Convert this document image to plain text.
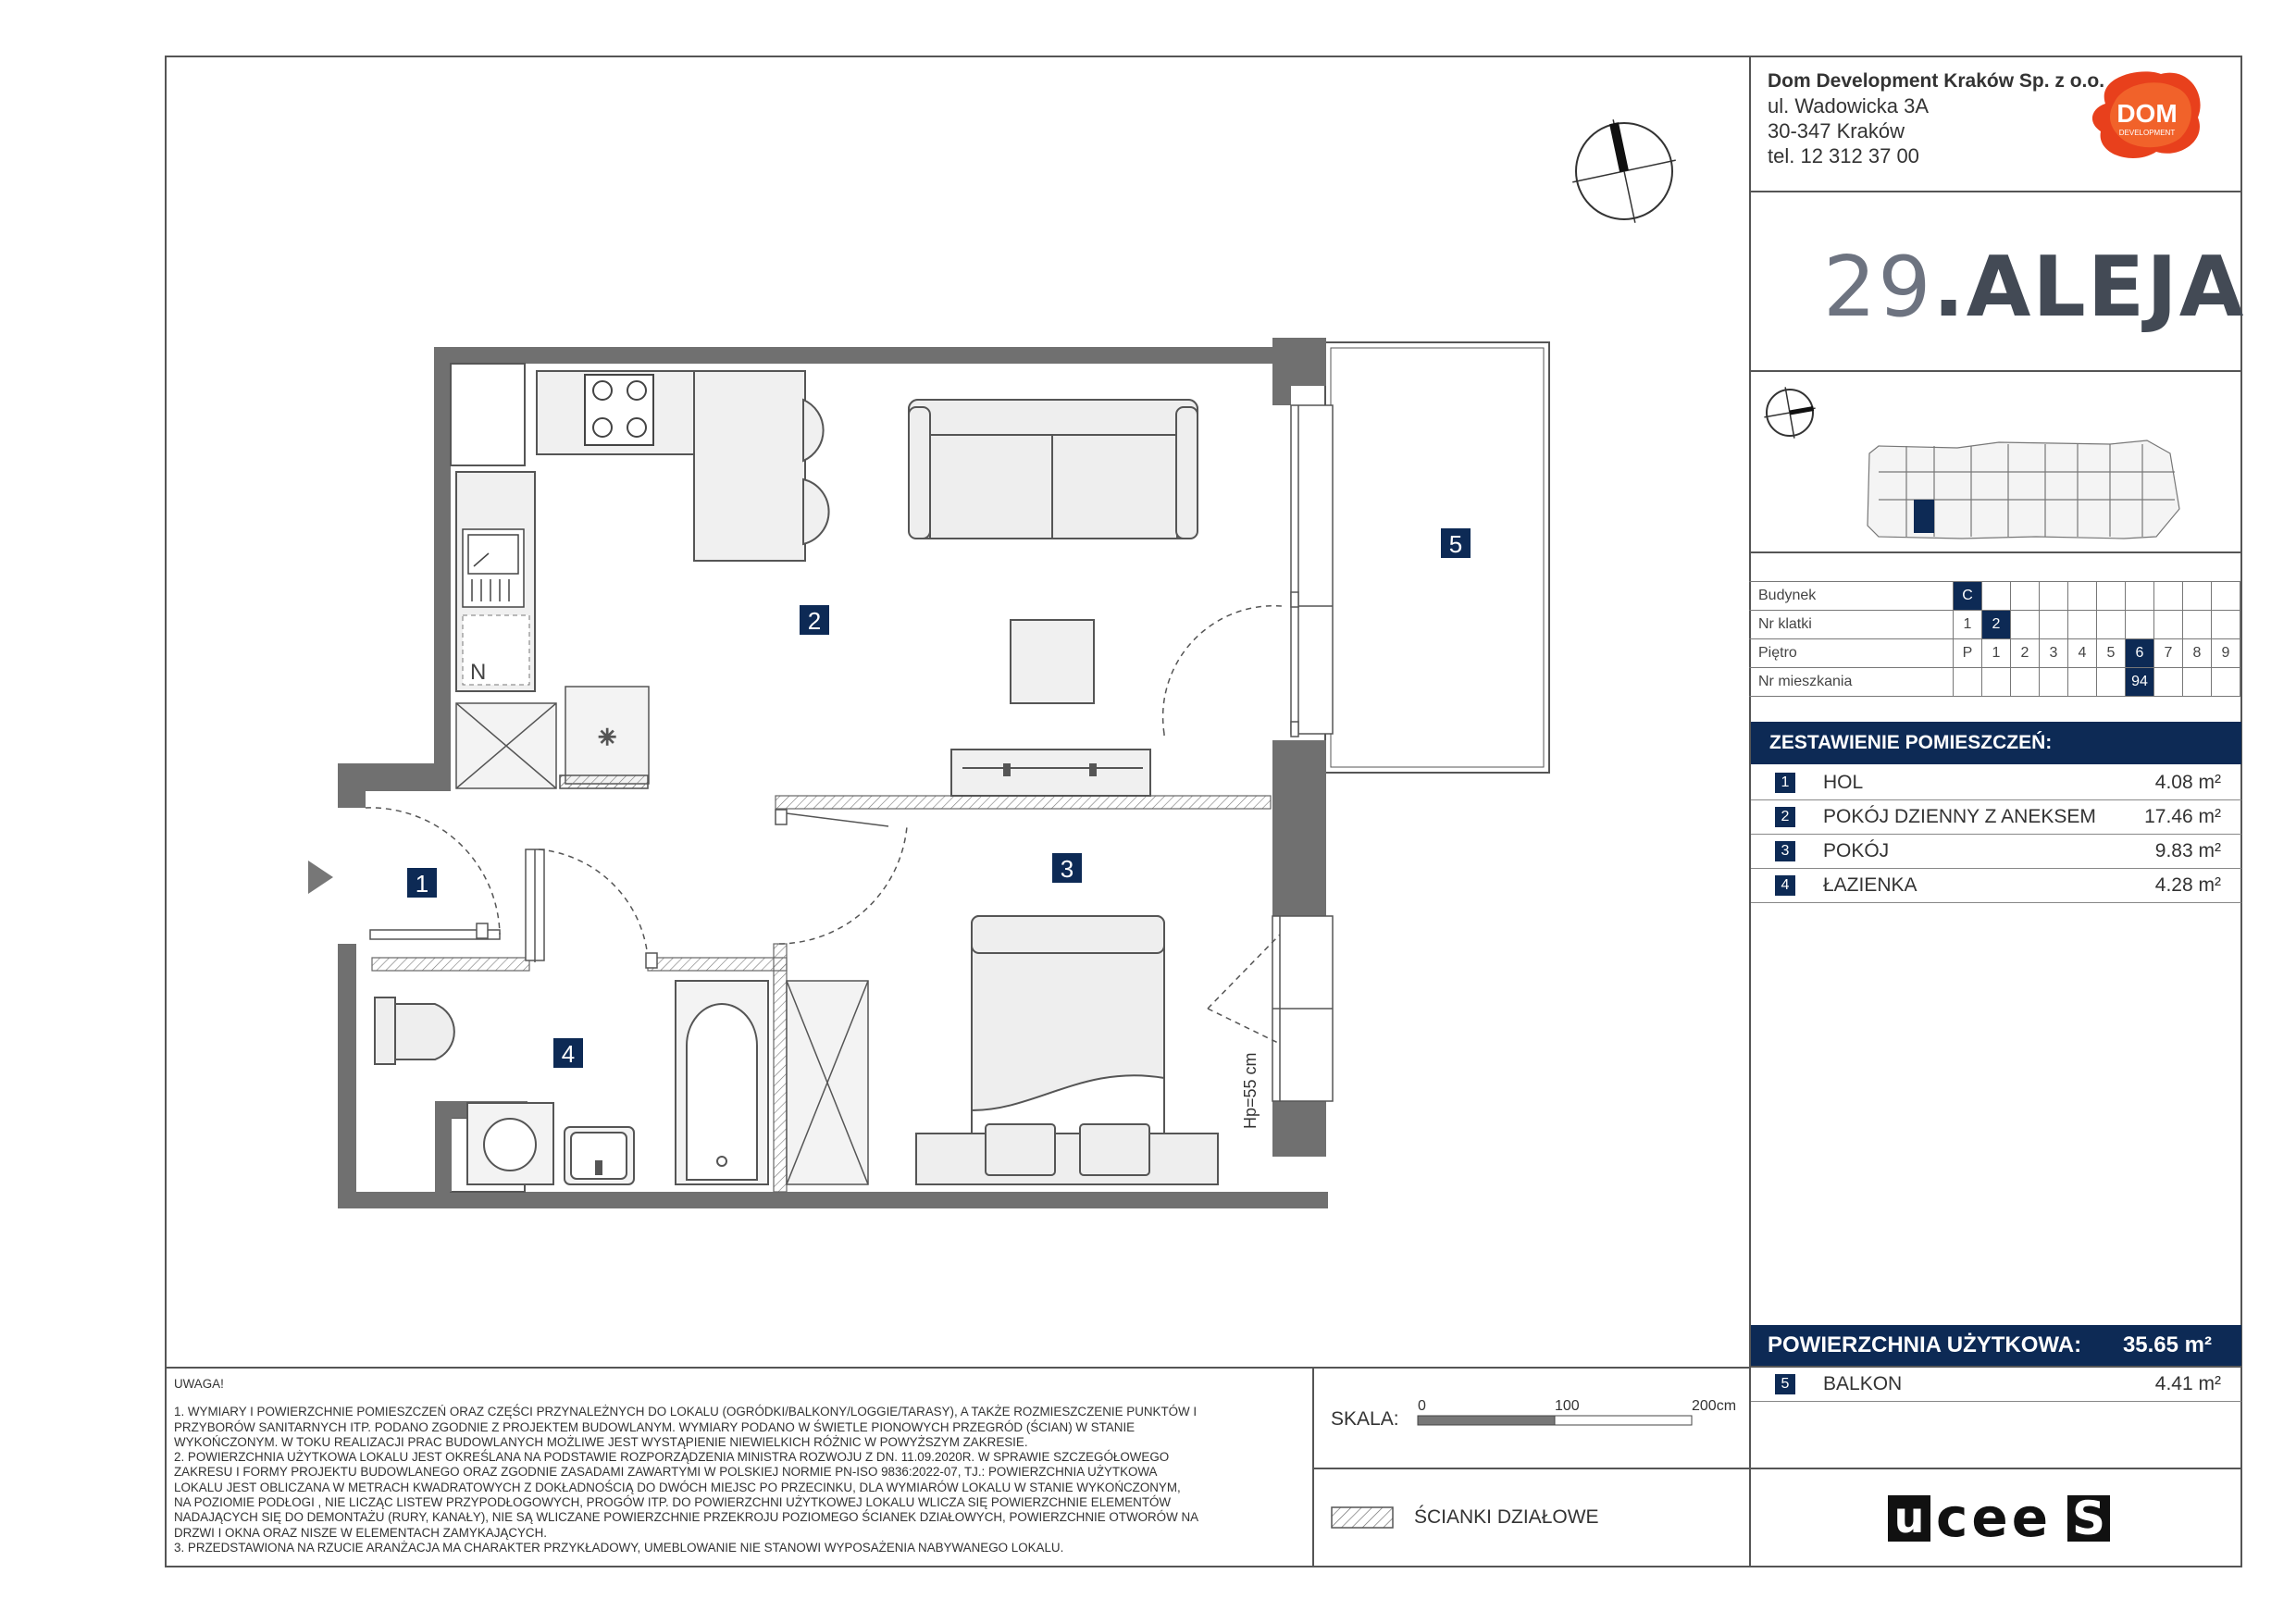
Dom Development Kraków Sp. z o.o.
ul. Wadowicka 3A
30-347 Kraków
tel. 12 312 37 00
DOM
DEVELOPMENT
29.ALEJA
Budynek	C									
Nr klatki	1	2								
Piętro	P	1	2	3	4	5	6	7	8	9
Nr mieszkania							94			
ZESTAWIENIE POMIESZCZEŃ:
1	HOL	4.08 m²
2	POKÓJ DZIENNY Z ANEKSEM 17.46 m²
3	POKÓJ	9.83 m²
4	ŁAZIENKA	4.28 m²
POWIERZCHNIA UŻYTKOWA: 35.65 m²
5	BALKON	4.41 m²
UWAGA!
1. WYMIARY I POWIERZCHNIE POMIESZCZEŃ ORAZ CZĘŚCI PRZYNALEŻNYCH DO LOKALU (OGRÓDKI/BALKONY/LOGGIE/TARASY), A TAKŻE ROZMIESZCZENIE PUNKTÓW I
PRZYBORÓW SANITARNYCH ITP. PODANO ZGODNIE Z PROJEKTEM BUDOWLANYM. WYMIARY PODANO W ŚWIETLE PIONOWYCH PRZEGRÓD (ŚCIAN) W STANIE
WYKOŃCZONYM. W TOKU REALIZACJI PRAC BUDOWLANYCH MOŻLIWE JEST WYSTĄPIENIE NIEWIELKICH RÓŻNIC W POWYŻSZYM ZAKRESIE.
2. POWIERZCHNIA UŻYTKOWA LOKALU JEST OKREŚLANA NA PODSTAWIE ROZPORZĄDZENIA MINISTRA ROZWOJU Z DN. 11.09.2020R. W SPRAWIE SZCZEGÓŁOWEGO
ZAKRESU I FORMY PROJEKTU BUDOWLANEGO ORAZ ZGODNIE ZASADAMI ZAWARTYMI W POLSKIEJ NORMIE PN-ISO 9836:2022-07, TJ.: POWIERZCHNIA UŻYTKOWA
LOKALU JEST OBLICZANA W METRACH KWADRATOWYCH Z DOKŁADNOŚCIĄ DO DWÓCH MIEJSC PO PRZECINKU, DLA WYMIARÓW LOKALU W STANIE WYKOŃCZONYM,
NA POZIOMIE PODŁOGI , NIE LICZĄC LISTEW PRZYPODŁOGOWYCH, PROGÓW ITP. DO POWIERZCHNI UŻYTKOWEJ LOKALU WLICZA SIĘ POWIERZCHNIE ELEMENTÓW
NADAJĄCYCH SIĘ DO DEMONTAŻU (RURY, KANAŁY), NIE SĄ WLICZANE POWIERZCHNIE PRZEKROJU POZIOMEGO ŚCIANEK DZIAŁOWYCH, POWIERZCHNIE OTWORÓW NA
DRZWI I OKNA ORAZ NISZE W ELEMENTACH ZAMYKAJĄCYCH.
3. PRZEDSTAWIONA NA RZUCIE ARANŻACJA MA CHARAKTER PRZYKŁADOWY, UMEBLOWANIE NIE STANOWI WYPOSAŻENIA NABYWANEGO LOKALU.
SKALA:
0	100	200cm
ŚCIANKI DZIAŁOWE	u cee S
uceeS
N
✳
Hp=55 cm
1
2
3
4
5
